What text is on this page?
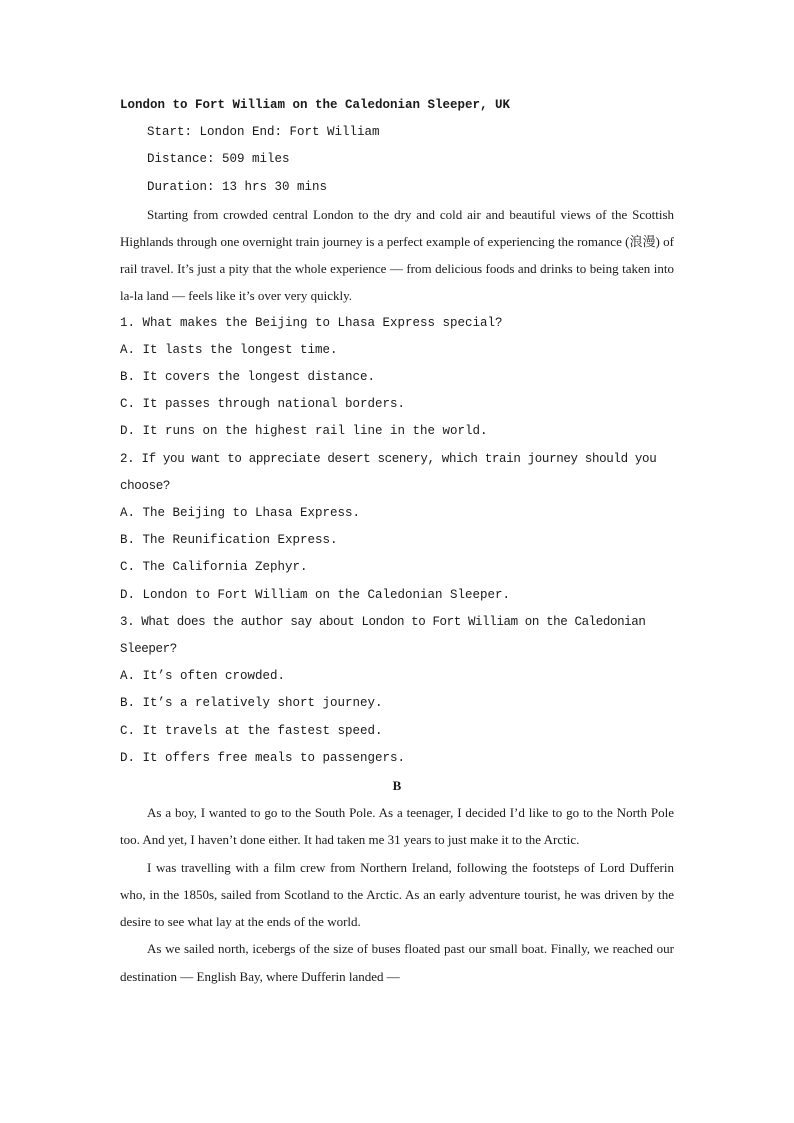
London to Fort William on the Caledonian Sleeper, UK

Start: London End: Fort William

Distance: 509 miles

Duration: 13 hrs 30 mins

Starting from crowded central London to the dry and cold air and beautiful views of the Scottish Highlands through one overnight train journey is a perfect example of experiencing the romance (浪漫) of rail travel. It’s just a pity that the whole experience — from delicious foods and drinks to being taken into la-la land — feels like it’s over very quickly.

1. What makes the Beijing to Lhasa Express special?

A. It lasts the longest time.

B. It covers the longest distance.

C. It passes through national borders.

D. It runs on the highest rail line in the world.

2. If you want to appreciate desert scenery, which train journey should you choose?

A. The Beijing to Lhasa Express.

B. The Reunification Express.

C. The California Zephyr.

D. London to Fort William on the Caledonian Sleeper.

3. What does the author say about London to Fort William on the Caledonian Sleeper?

A. It’s often crowded.

B. It’s a relatively short journey.

C. It travels at the fastest speed.

D. It offers free meals to passengers.

B

As a boy, I wanted to go to the South Pole. As a teenager, I decided I’d like to go to the North Pole too. And yet, I haven’t done either. It had taken me 31 years to just make it to the Arctic.

I was travelling with a film crew from Northern Ireland, following the footsteps of Lord Dufferin who, in the 1850s, sailed from Scotland to the Arctic. As an early adventure tourist, he was driven by the desire to see what lay at the ends of the world.

As we sailed north, icebergs of the size of buses floated past our small boat. Finally, we reached our destination — English Bay, where Dufferin landed —
